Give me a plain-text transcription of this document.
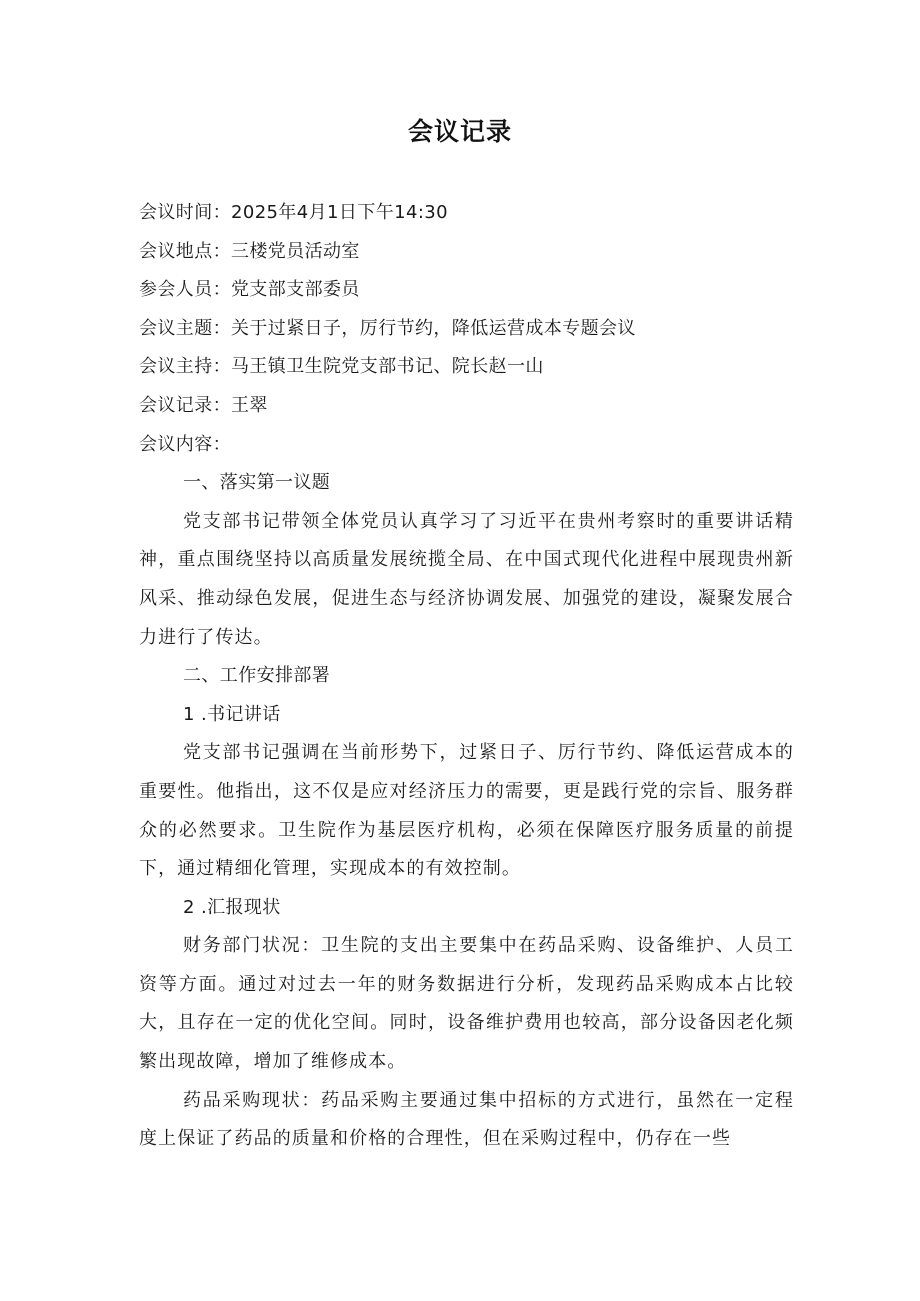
会议记录
会议时间：2025年4月1日下午14:30
会议地点：三楼党员活动室
参会人员：党支部支部委员
会议主题：关于过紧日子，厉行节约，降低运营成本专题会议
会议主持：马王镇卫生院党支部书记、院长赵一山
会议记录：王翠
会议内容：
一、落实第一议题

党支部书记带领全体党员认真学习了习近平在贵州考察时的重要讲话精神，重点围绕坚持以高质量发展统揽全局、在中国式现代化进程中展现贵州新风采、推动绿色发展，促进生态与经济协调发展、加强党的建设，凝聚发展合力进行了传达。

二、工作安排部署
1 .书记讲话

党支部书记强调在当前形势下，过紧日子、厉行节约、降低运营成本的重要性。他指出，这不仅是应对经济压力的需要，更是践行党的宗旨、服务群众的必然要求。卫生院作为基层医疗机构，必须在保障医疗服务质量的前提下，通过精细化管理，实现成本的有效控制。

2 .汇报现状

财务部门状况：卫生院的支出主要集中在药品采购、设备维护、人员工资等方面。通过对过去一年的财务数据进行分析，发现药品采购成本占比较大，且存在一定的优化空间。同时，设备维护费用也较高，部分设备因老化频繁出现故障，增加了维修成本。

药品采购现状：药品采购主要通过集中招标的方式进行，虽然在一定程度上保证了药品的质量和价格的合理性，但在采购过程中，仍存在一些
